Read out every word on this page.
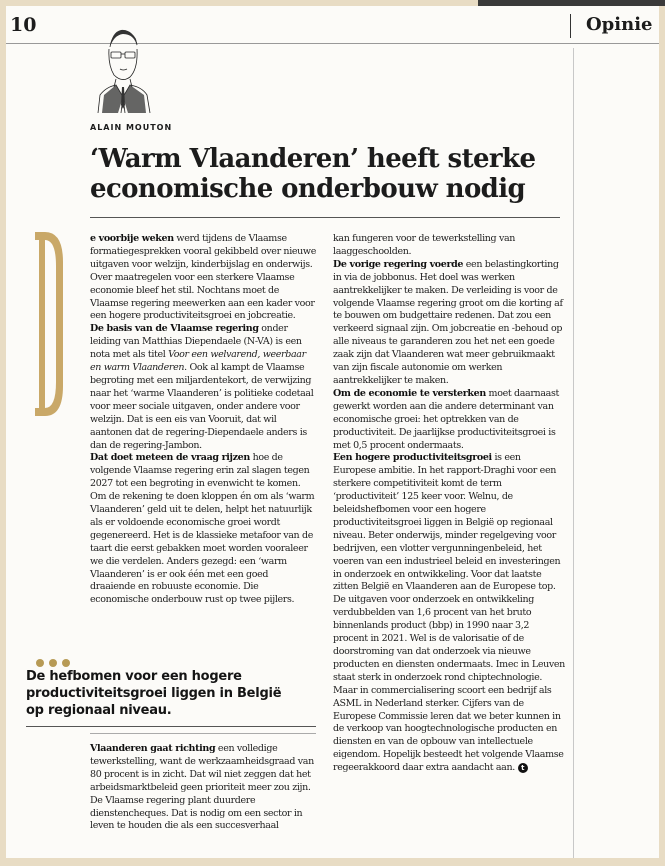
10	Opinie
ALAIN MOUTON
‘Warm Vlaanderen’ heeft sterke economische onderbouw nodig

e voorbije weken werd tijdens de Vlaamse formatiegesprekken vooral gekibbeld over nieuwe uitgaven voor welzijn, kinderbijslag en onderwijs. Over maatregelen voor een sterkere Vlaamse economie bleef het stil. Nochtans moet de Vlaamse regering meewerken aan een kader voor een hogere productiviteitsgroei en jobcreatie.

De basis van de Vlaamse regering onder leiding van Matthias Diependaele (N-VA) is een nota met als titel Voor een welvarend, weerbaar en warm Vlaanderen. Ook al kampt de Vlaamse begroting met een miljardentekort, de verwijzing naar het ‘warme Vlaanderen’ is politieke codetaal voor meer sociale uitgaven, onder andere voor welzijn. Dat is een eis van Vooruit, dat wil aantonen dat de regering-Diependaele anders is dan de regering-Jambon.

Dat doet meteen de vraag rijzen hoe de volgende Vlaamse regering erin zal slagen tegen 2027 tot een begroting in evenwicht te komen. Om de rekening te doen kloppen én om als ‘warm Vlaanderen’ geld uit te delen, helpt het natuurlijk als er voldoende economische groei wordt gegenereerd. Het is de klassieke metafoor van de taart die eerst gebakken moet worden vooraleer we die verdelen. Anders gezegd: een ‘warm Vlaanderen’ is er ook één met een goed draaiende en robuuste economie. Die economische onderbouw rust op twee pijlers.

De hefbomen voor een hogere productiviteitsgroei liggen in België op regionaal niveau.

Vlaanderen gaat richting een volledige tewerkstelling, want de werkzaamheidsgraad van 80 procent is in zicht. Dat wil niet zeggen dat het arbeidsmarktbeleid geen prioriteit meer zou zijn. De Vlaamse regering plant duurdere dienstencheques. Dat is nodig om een sector in leven te houden die als een succesverhaal

kan fungeren voor de tewerkstelling van laaggeschoolden.

De vorige regering voerde een belastingkorting in via de jobbonus. Het doel was werken aantrekkelijker te maken. De verleiding is voor de volgende Vlaamse regering groot om die korting af te bouwen om budgettaire redenen. Dat zou een verkeerd signaal zijn. Om jobcreatie en -behoud op alle niveaus te garanderen zou het net een goede zaak zijn dat Vlaanderen wat meer gebruikmaakt van zijn fiscale autonomie om werken aantrekkelijker te maken.

Om de economie te versterken moet daarnaast gewerkt worden aan die andere determinant van economische groei: het optrekken van de productiviteit. De jaarlijkse productiviteitsgroei is met 0,5 procent ondermaats.

Een hogere productiviteitsgroei is een Europese ambitie. In het rapport-Draghi voor een sterkere competitiviteit komt de term ‘productiviteit’ 125 keer voor. Welnu, de beleidshefbomen voor een hogere productiviteitsgroei liggen in België op regionaal niveau. Beter onderwijs, minder regelgeving voor bedrijven, een vlotter vergunningenbeleid, het voeren van een industrieel beleid en investeringen in onderzoek en ontwikkeling. Voor dat laatste zitten België en Vlaanderen aan de Europese top. De uitgaven voor onderzoek en ontwikkeling verdubbelden van 1,6 procent van het bruto binnenlands product (bbp) in 1990 naar 3,2 procent in 2021. Wel is de valorisatie of de doorstroming van dat onderzoek via nieuwe producten en diensten ondermaats. Imec in Leuven staat sterk in onderzoek rond chiptechnologie. Maar in commercialisering scoort een bedrijf als ASML in Nederland sterker. Cijfers van de Europese Commissie leren dat we beter kunnen in de verkoop van hoogtechnologische producten en diensten en van de opbouw van intellectuele eigendom. Hopelijk besteedt het volgende Vlaamse regeerakkoord daar extra aandacht aan. t
